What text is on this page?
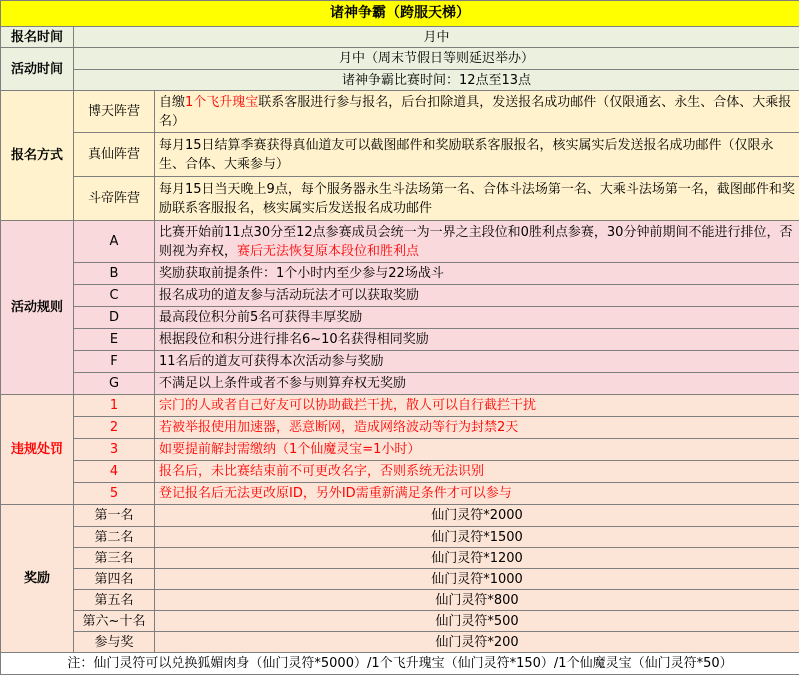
诸神争霸（跨服天梯）		
报名时间	月中	
活动时间	月中（周末节假日等则延迟举办）	
	诸神争霸比赛时间：12点至13点	
报名方式	博天阵营	自缴1个飞升瑰宝联系客服进行参与报名，后台扣除道具，发送报名成功邮件（仅限通玄、永生、合体、大乘报名）
	真仙阵营	每月15日结算季赛获得真仙道友可以截图邮件和奖励联系客服报名，核实属实后发送报名成功邮件（仅限永生、合体、大乘参与）
	斗帝阵营	每月15日当天晚上9点，每个服务器永生斗法场第一名、合体斗法场第一名、大乘斗法场第一名，截图邮件和奖励联系客服报名，核实属实后发送报名成功邮件
活动规则	A	比赛开始前11点30分至12点参赛成员会统一为一界之主段位和0胜利点参赛，30分钟前期间不能进行排位，否则视为弃权，赛后无法恢复原本段位和胜利点
	B	奖励获取前提条件：1个小时内至少参与22场战斗
	C	报名成功的道友参与活动玩法才可以获取奖励
	D	最高段位积分前5名可获得丰厚奖励
	E	根据段位和积分进行排名6~10名获得相同奖励
	F	11名后的道友可获得本次活动参与奖励
	G	不满足以上条件或者不参与则算弃权无奖励
违规处罚	1	宗门的人或者自己好友可以协助截拦干扰，散人可以自行截拦干扰
	2	若被举报使用加速器，恶意断网，造成网络波动等行为封禁2天
	3	如要提前解封需缴纳（1个仙魔灵宝=1小时）
	4	报名后，未比赛结束前不可更改名字，否则系统无法识别
	5	登记报名后无法更改原ID，另外ID需重新满足条件才可以参与
奖励	第一名	仙门灵符*2000
	第二名	仙门灵符*1500
	第三名	仙门灵符*1200
	第四名	仙门灵符*1000
	第五名	仙门灵符*800
	第六~十名	仙门灵符*500
	参与奖	仙门灵符*200
注：仙门灵符可以兑换狐媚肉身（仙门灵符*5000）/1个飞升瑰宝（仙门灵符*150）/1个仙魔灵宝（仙门灵符*50）		
